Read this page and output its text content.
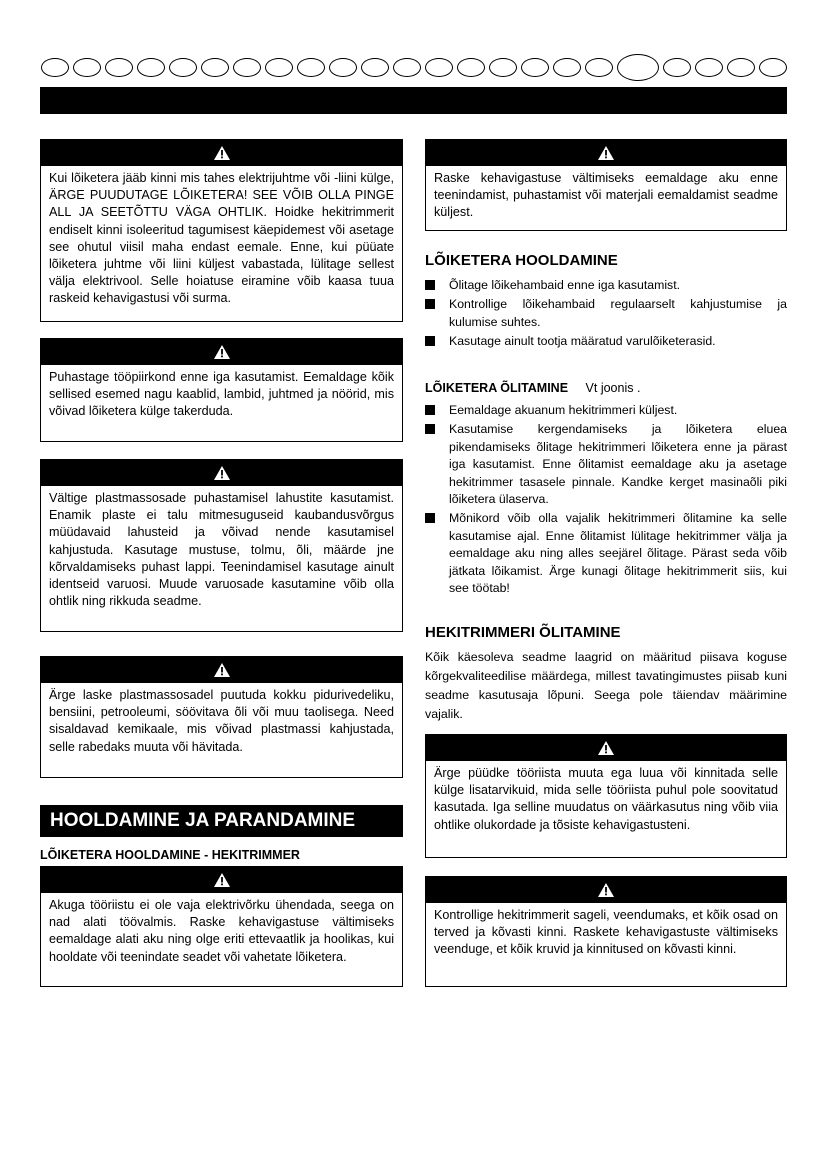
Kui lõiketera jääb kinni mis tahes elektrijuhtme või -liini külge, ÄRGE PUUDUTAGE LÕIKETERA! SEE VÕIB OLLA PINGE ALL JA SEETÕTTU VÄGA OHTLIK. Hoidke hekitrimmerit endiselt kinni isoleeritud tagumisest käepidemest või asetage see ohutul viisil maha endast eemale. Enne, kui püüate lõiketera juhtme või liini küljest vabastada, lülitage sellest välja elektrivool. Selle hoiatuse eiramine võib kaasa tuua raskeid kehavigastusi või surma.
Puhastage tööpiirkond enne iga kasutamist. Eemaldage kõik sellised esemed nagu kaablid, lambid, juhtmed ja nöörid, mis võivad lõiketera külge takerduda.
Vältige plastmassosade puhastamisel lahustite kasutamist. Enamik plaste ei talu mitmesuguseid kaubandusvõrgus müüdavaid lahusteid ja võivad nende kasutamisel kahjustuda. Kasutage mustuse, tolmu, õli, määrde jne kõrvaldamiseks puhast lappi. Teenindamisel kasutage ainult identseid varuosi. Muude varuosade kasutamine võib olla ohtlik ning rikkuda seadme.
Ärge laske plastmassosadel puutuda kokku pidurivedeliku, bensiini, petrooleumi, söövitava õli või muu taolisega. Need sisaldavad kemikaale, mis võivad plastmassi kahjustada, selle rabedaks muuta või hävitada.
HOOLDAMINE JA PARANDAMINE
LÕIKETERA HOOLDAMINE - HEKITRIMMER
Akuga tööriistu ei ole vaja elektrivõrku ühendada, seega on nad alati töövalmis. Raske kehavigastuse vältimiseks eemaldage alati aku ning olge eriti ettevaatlik ja hoolikas, kui hooldate või teenindate seadet või vahetate lõiketera.
Raske kehavigastuse vältimiseks eemaldage aku enne teenindamist, puhastamist või materjali eemaldamist seadme küljest.
LÕIKETERA HOOLDAMINE
Õlitage lõikehambaid enne iga kasutamist.
Kontrollige lõikehambaid regulaarselt kahjustumise ja kulumise suhtes.
Kasutage ainult tootja määratud varulõiketerasid.
LÕIKETERA ÕLITAMINE Vt joonis .
Eemaldage akuanum hekitrimmeri küljest.
Kasutamise kergendamiseks ja lõiketera eluea pikendamiseks õlitage hekitrimmeri lõiketera enne ja pärast iga kasutamist. Enne õlitamist eemaldage aku ja asetage hekitrimmer tasasele pinnale. Kandke kerget masinaõli piki lõiketera ülaserva.
Mõnikord võib olla vajalik hekitrimmeri õlitamine ka selle kasutamise ajal. Enne õlitamist lülitage hekitrimmer välja ja eemaldage aku ning alles seejärel õlitage. Pärast seda võib jätkata lõikamist. Ärge kunagi õlitage hekitrimmerit siis, kui see töötab!
HEKITRIMMERI ÕLITAMINE
Kõik käesoleva seadme laagrid on määritud piisava koguse kõrgekvaliteedilise määrdega, millest tavatingimustes piisab kuni seadme kasutusaja lõpuni. Seega pole täiendav määrimine vajalik.
Ärge püüdke tööriista muuta ega luua või kinnitada selle külge lisatarvikuid, mida selle tööriista puhul pole soovitatud kasutada. Iga selline muudatus on väärkasutus ning võib viia ohtlike olukordade ja tõsiste kehavigastusteni.
Kontrollige hekitrimmerit sageli, veendumaks, et kõik osad on terved ja kõvasti kinni. Raskete kehavigastuste vältimiseks veenduge, et kõik kruvid ja kinnitused on kõvasti kinni.
